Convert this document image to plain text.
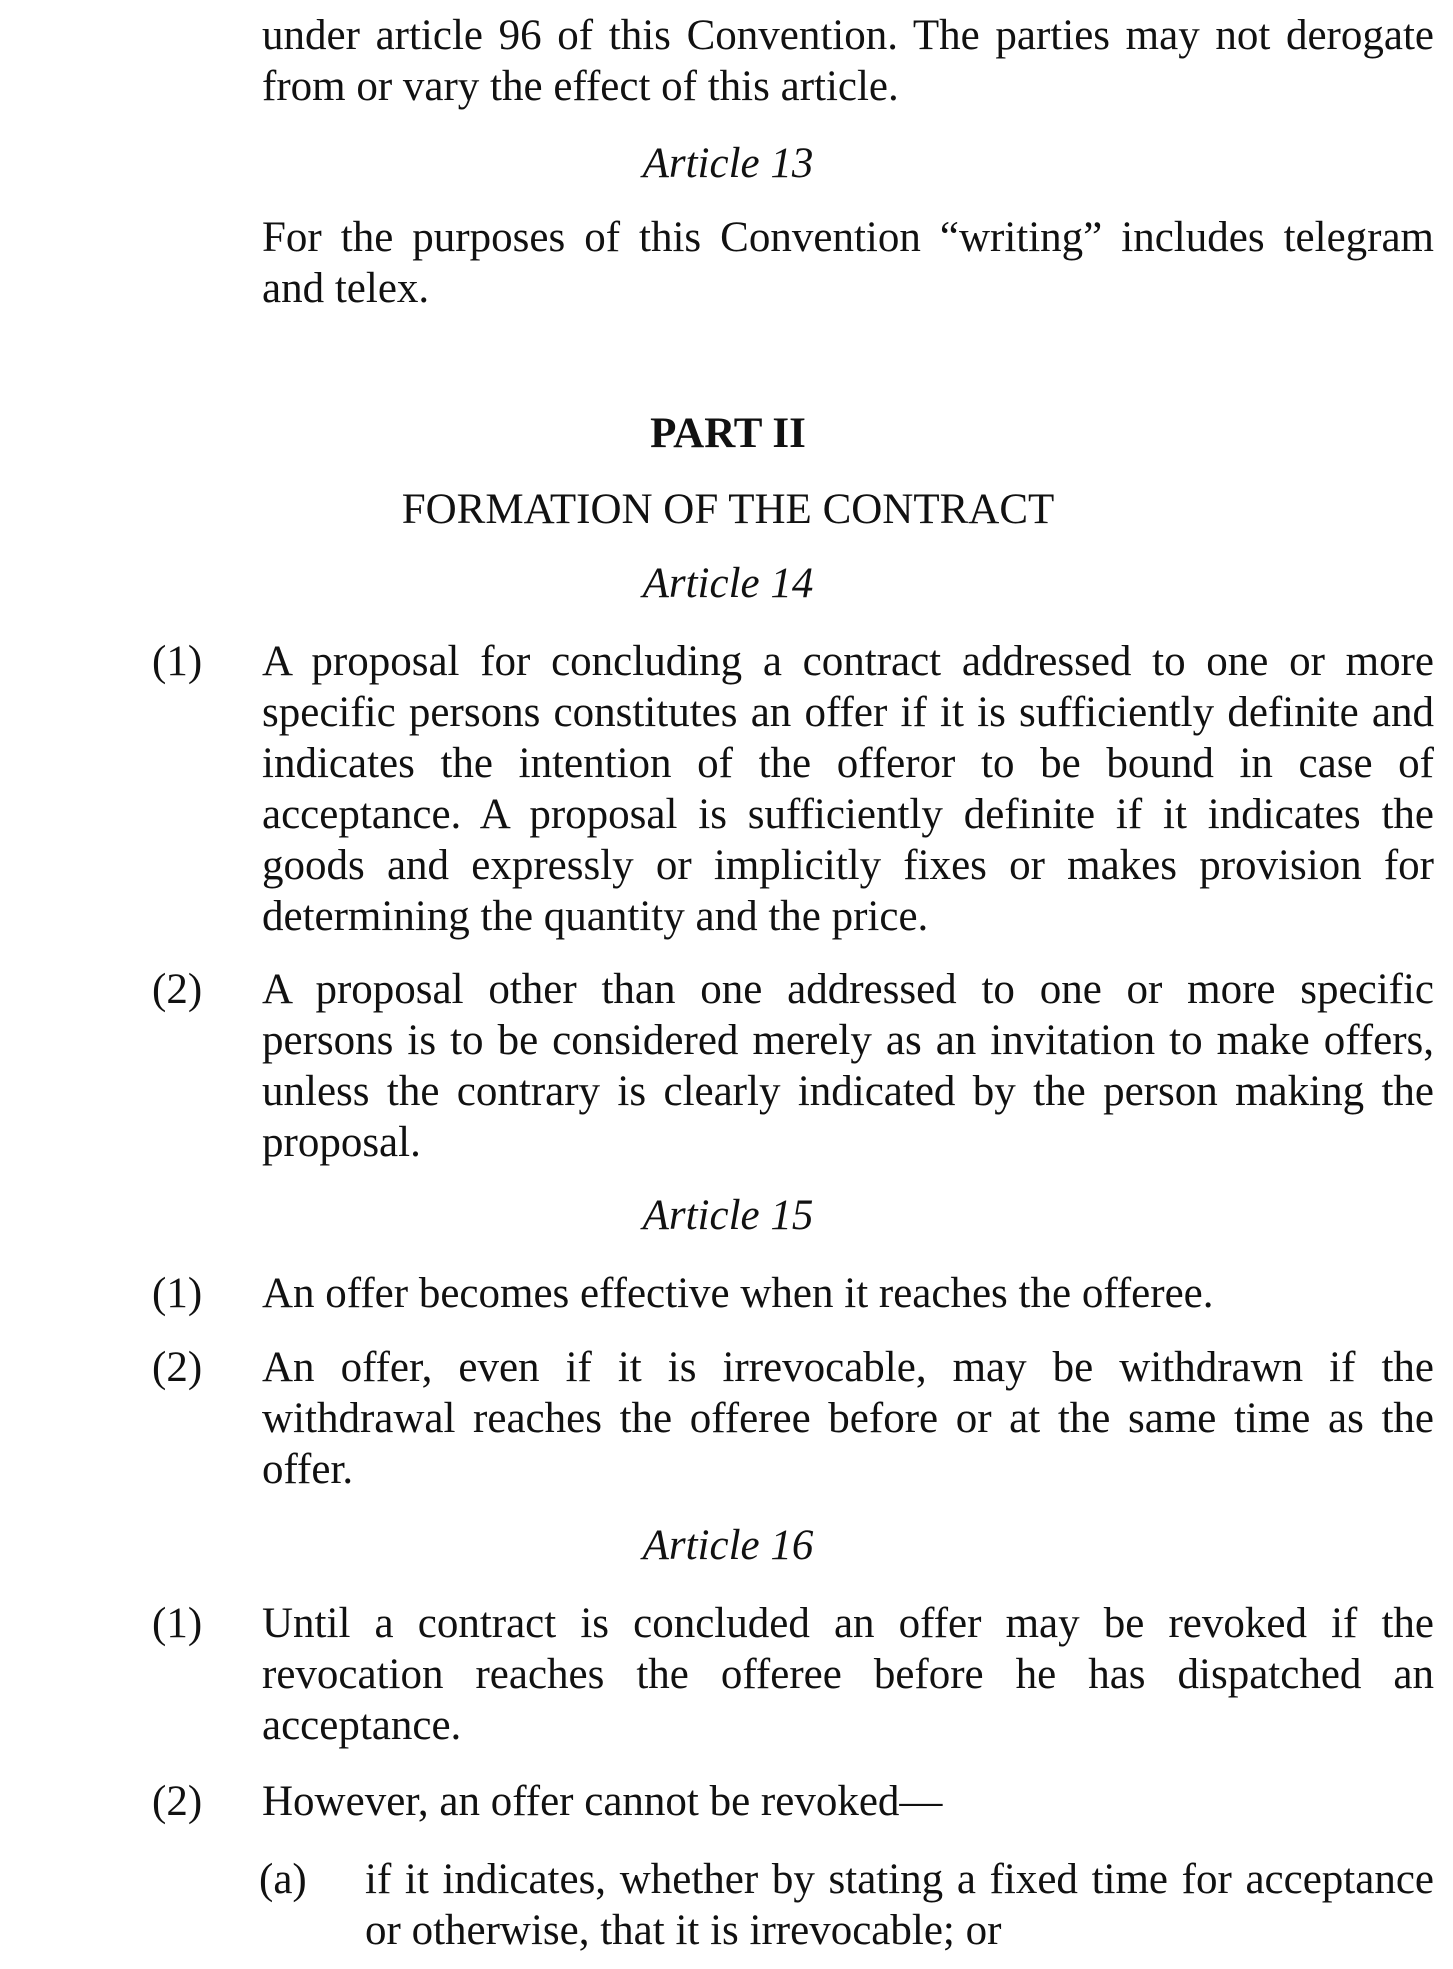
under article 96 of this Convention. The parties may not derogate from or vary the effect of this article.
Article 13
For the purposes of this Convention “writing” includes telegram and telex.
PART II
FORMATION OF THE CONTRACT
Article 14
(1) A proposal for concluding a contract addressed to one or more specific persons constitutes an offer if it is sufficiently definite and indicates the intention of the offeror to be bound in case of acceptance. A proposal is sufficiently definite if it indicates the goods and expressly or implicitly fixes or makes provision for determining the quantity and the price.
(2) A proposal other than one addressed to one or more specific persons is to be considered merely as an invitation to make offers, unless the contrary is clearly indicated by the person making the proposal.
Article 15
(1) An offer becomes effective when it reaches the offeree.
(2) An offer, even if it is irrevocable, may be withdrawn if the withdrawal reaches the offeree before or at the same time as the offer.
Article 16
(1) Until a contract is concluded an offer may be revoked if the revocation reaches the offeree before he has dispatched an acceptance.
(2) However, an offer cannot be revoked—
(a) if it indicates, whether by stating a fixed time for acceptance or otherwise, that it is irrevocable; or
